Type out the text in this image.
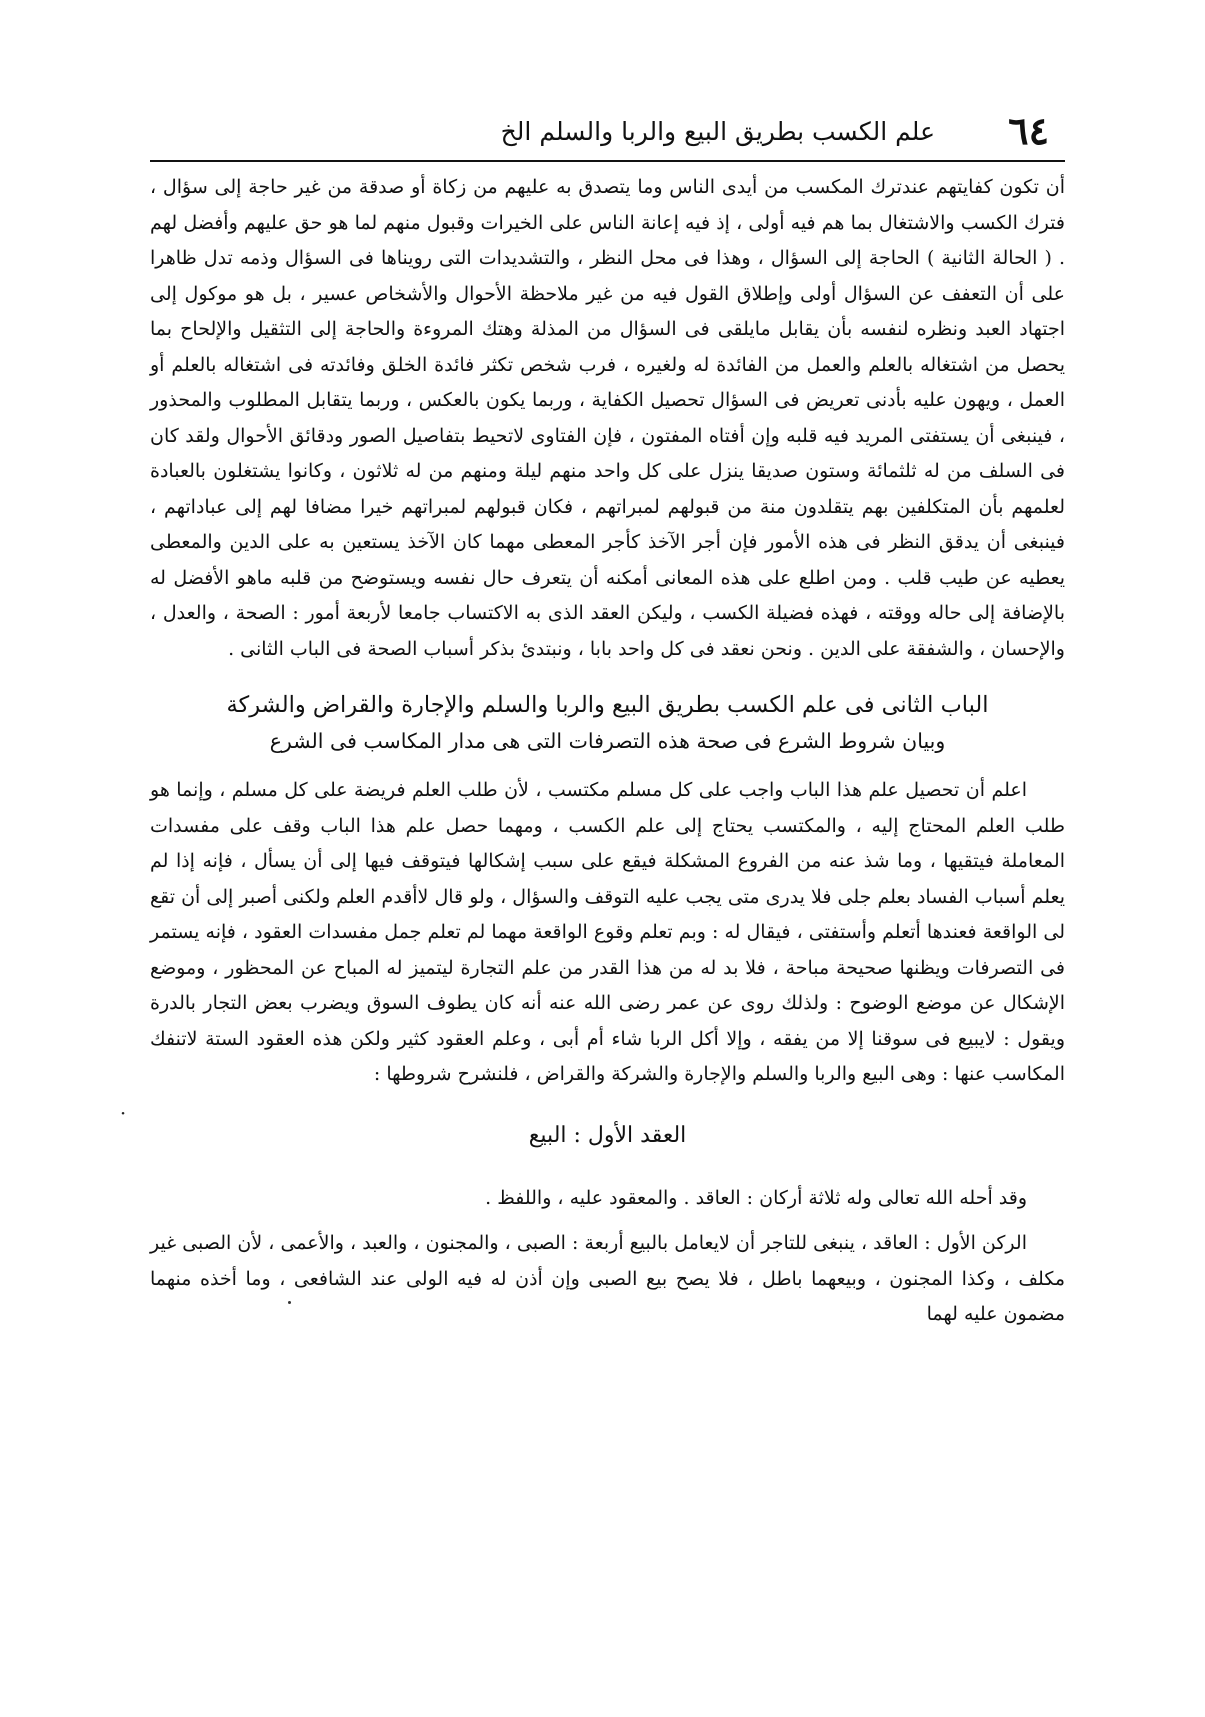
٦٤
علم الكسب بطريق البيع والربا والسلم الخ

أن تكون كفايتهم عندترك المكسب من أيدى الناس وما يتصدق به عليهم من زكاة أو صدقة من غير حاجة إلى سؤال ، فترك الكسب والاشتغال بما هم فيه أولى ، إذ فيه إعانة الناس على الخيرات وقبول منهم لما هو حق عليهم وأفضل لهم . ( الحالة الثانية ) الحاجة إلى السؤال ، وهذا فى محل النظر ، والتشديدات التى رويناها فى السؤال وذمه تدل ظاهرا على أن التعفف عن السؤال أولى وإطلاق القول فيه من غير ملاحظة الأحوال والأشخاص عسير ، بل هو موكول إلى اجتهاد العبد ونظره لنفسه بأن يقابل مايلقى فى السؤال من المذلة وهتك المروءة والحاجة إلى التثقيل والإلحاح بما يحصل من اشتغاله بالعلم والعمل من الفائدة له ولغيره ، فرب شخص تكثر فائدة الخلق وفائدته فى اشتغاله بالعلم أو العمل ، ويهون عليه بأدنى تعريض فى السؤال تحصيل الكفاية ، وربما يكون بالعكس ، وربما يتقابل المطلوب والمحذور ، فينبغى أن يستفتى المريد فيه قلبه وإن أفتاه المفتون ، فإن الفتاوى لاتحيط بتفاصيل الصور ودقائق الأحوال ولقد كان فى السلف من له ثلثمائة وستون صديقا ينزل على كل واحد منهم ليلة ومنهم من له ثلاثون ، وكانوا يشتغلون بالعبادة لعلمهم بأن المتكلفين بهم يتقلدون منة من قبولهم لمبراتهم ، فكان قبولهم لمبراتهم خيرا مضافا لهم إلى عباداتهم ، فينبغى أن يدقق النظر فى هذه الأمور فإن أجر الآخذ كأجر المعطى مهما كان الآخذ يستعين به على الدين والمعطى يعطيه عن طيب قلب . ومن اطلع على هذه المعانى أمكنه أن يتعرف حال نفسه ويستوضح من قلبه ماهو الأفضل له بالإضافة إلى حاله ووقته ، فهذه فضيلة الكسب ، وليكن العقد الذى به الاكتساب جامعا لأربعة أمور : الصحة ، والعدل ، والإحسان ، والشفقة على الدين . ونحن نعقد فى كل واحد بابا ، ونبتدئ بذكر أسباب الصحة فى الباب الثانى .

الباب الثانى فى علم الكسب بطريق البيع والربا والسلم والإجارة والقراض والشركة
وبيان شروط الشرع فى صحة هذه التصرفات التى هى مدار المكاسب فى الشرع

اعلم أن تحصيل علم هذا الباب واجب على كل مسلم مكتسب ، لأن طلب العلم فريضة على كل مسلم ، وإنما هو طلب العلم المحتاج إليه ، والمكتسب يحتاج إلى علم الكسب ، ومهما حصل علم هذا الباب وقف على مفسدات المعاملة فيتقيها ، وما شذ عنه من الفروع المشكلة فيقع على سبب إشكالها فيتوقف فيها إلى أن يسأل ، فإنه إذا لم يعلم أسباب الفساد بعلم جلى فلا يدرى متى يجب عليه التوقف والسؤال ، ولو قال لاأقدم العلم ولكنى أصبر إلى أن تقع لى الواقعة فعندها أتعلم وأستفتى ، فيقال له : وبم تعلم وقوع الواقعة مهما لم تعلم جمل مفسدات العقود ، فإنه يستمر فى التصرفات ويظنها صحيحة مباحة ، فلا بد له من هذا القدر من علم التجارة ليتميز له المباح عن المحظور ، وموضع الإشكال عن موضع الوضوح : ولذلك روى عن عمر رضى الله عنه أنه كان يطوف السوق ويضرب بعض التجار بالدرة ويقول : لايبيع فى سوقنا إلا من يفقه ، وإلا أكل الربا شاء أم أبى ، وعلم العقود كثير ولكن هذه العقود الستة لاتنفك المكاسب عنها : وهى البيع والربا والسلم والإجارة والشركة والقراض ، فلنشرح شروطها :

العقد الأول : البيع

وقد أحله الله تعالى وله ثلاثة أركان : العاقد . والمعقود عليه ، واللفظ .

الركن الأول : العاقد ، ينبغى للتاجر أن لايعامل بالبيع أربعة : الصبى ، والمجنون ، والعبد ، والأعمى ، لأن الصبى غير مكلف ، وكذا المجنون ، وبيعهما باطل ، فلا يصح بيع الصبى وإن أذن له فيه الولى عند الشافعى ، وما أخذه منهما مضمون عليه لهما

·
